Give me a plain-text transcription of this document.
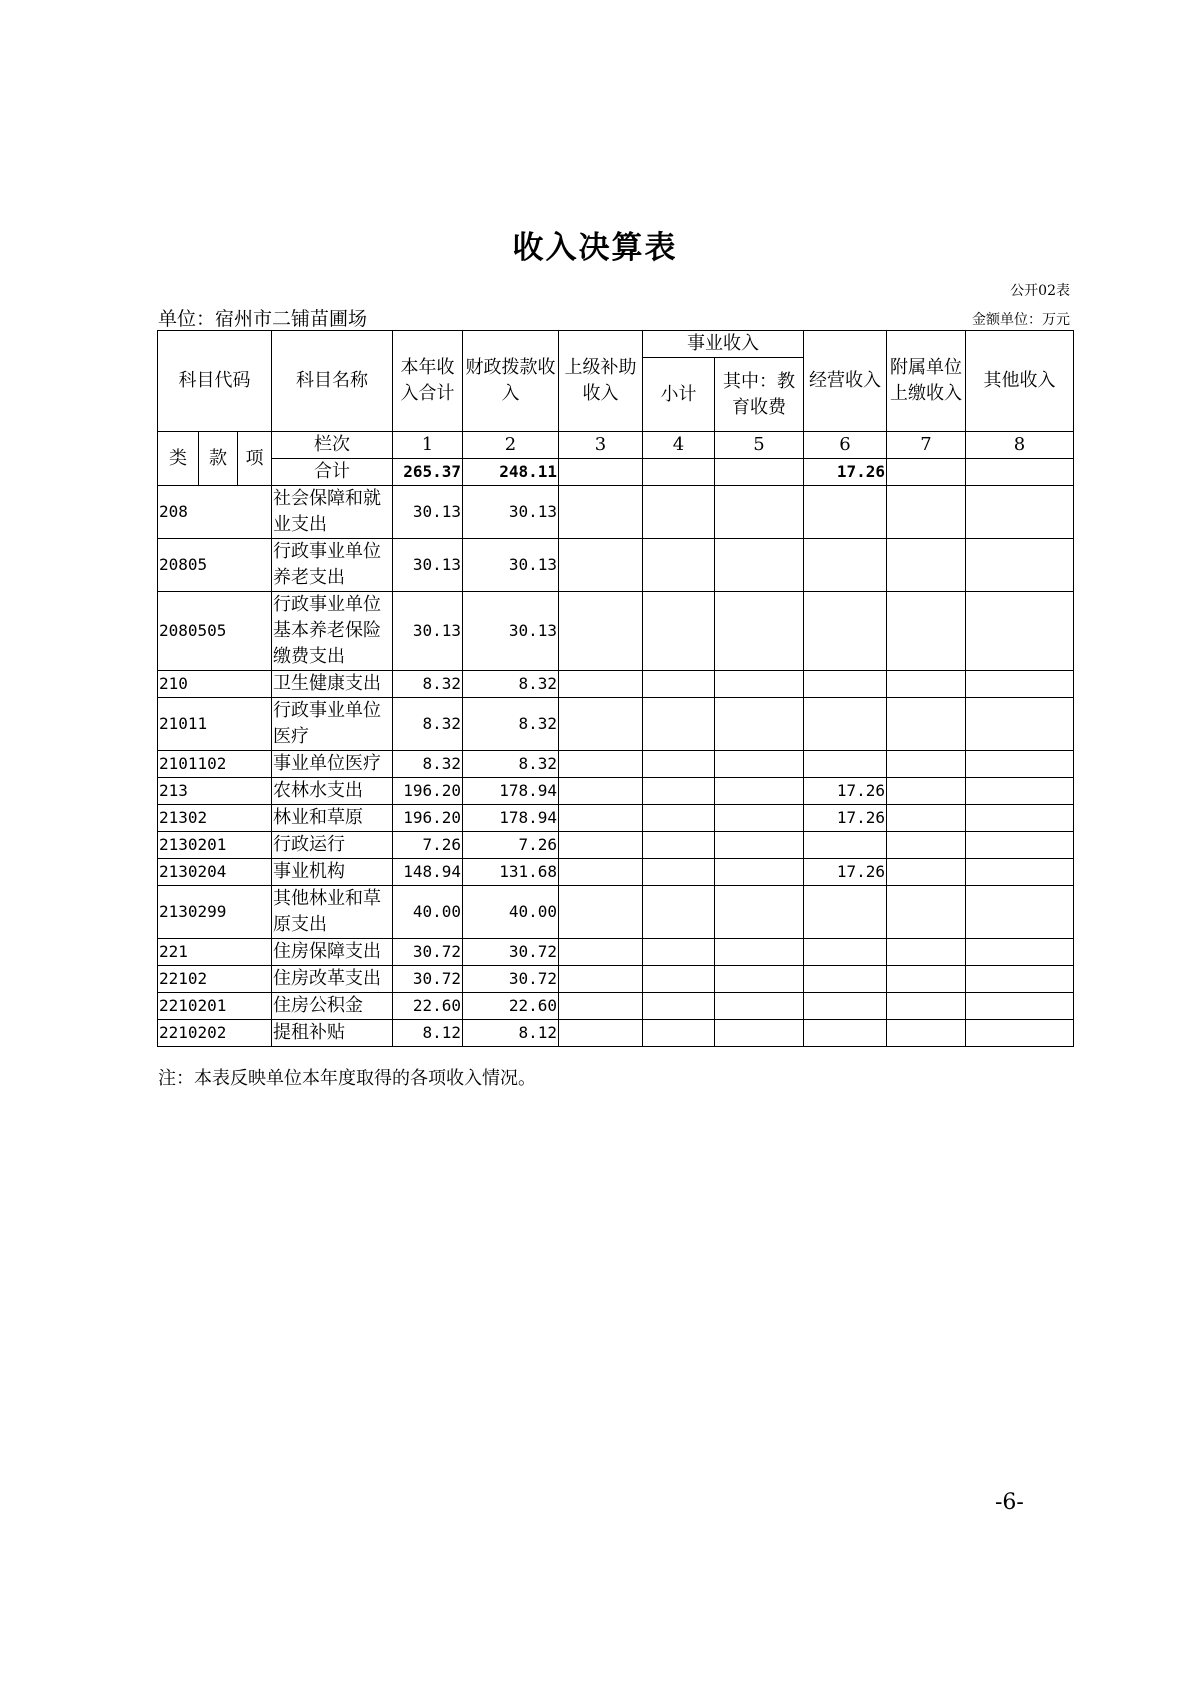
收入决算表
公开02表
单位：宿州市二铺苗圃场	金额单位：万元
科目代码			科目名称	本年收入合计	财政拨款收入	上级补助收入	事业收入		经营收入	附属单位上缴收入	其他收入
							小计	其中：教育收费			

类	款	项	栏次	1	2	3	4	5	6	7	8
			合计	265.37	248.11				17.26		
208			社会保障和就业支出	30.13	30.13						
20805			行政事业单位养老支出	30.13	30.13						
2080505			行政事业单位基本养老保险缴费支出	30.13	30.13						
210			卫生健康支出	8.32	8.32						
21011			行政事业单位医疗	8.32	8.32						
2101102			事业单位医疗	8.32	8.32						
213			农林水支出	196.20	178.94				17.26		
21302			林业和草原	196.20	178.94				17.26		
2130201			行政运行	7.26	7.26						
2130204			事业机构	148.94	131.68				17.26		
2130299			其他林业和草原支出	40.00	40.00						
221			住房保障支出	30.72	30.72						
22102			住房改革支出	30.72	30.72						
2210201			住房公积金	22.60	22.60						
2210202			提租补贴	8.12	8.12						
注：本表反映单位本年度取得的各项收入情况。
-6-
